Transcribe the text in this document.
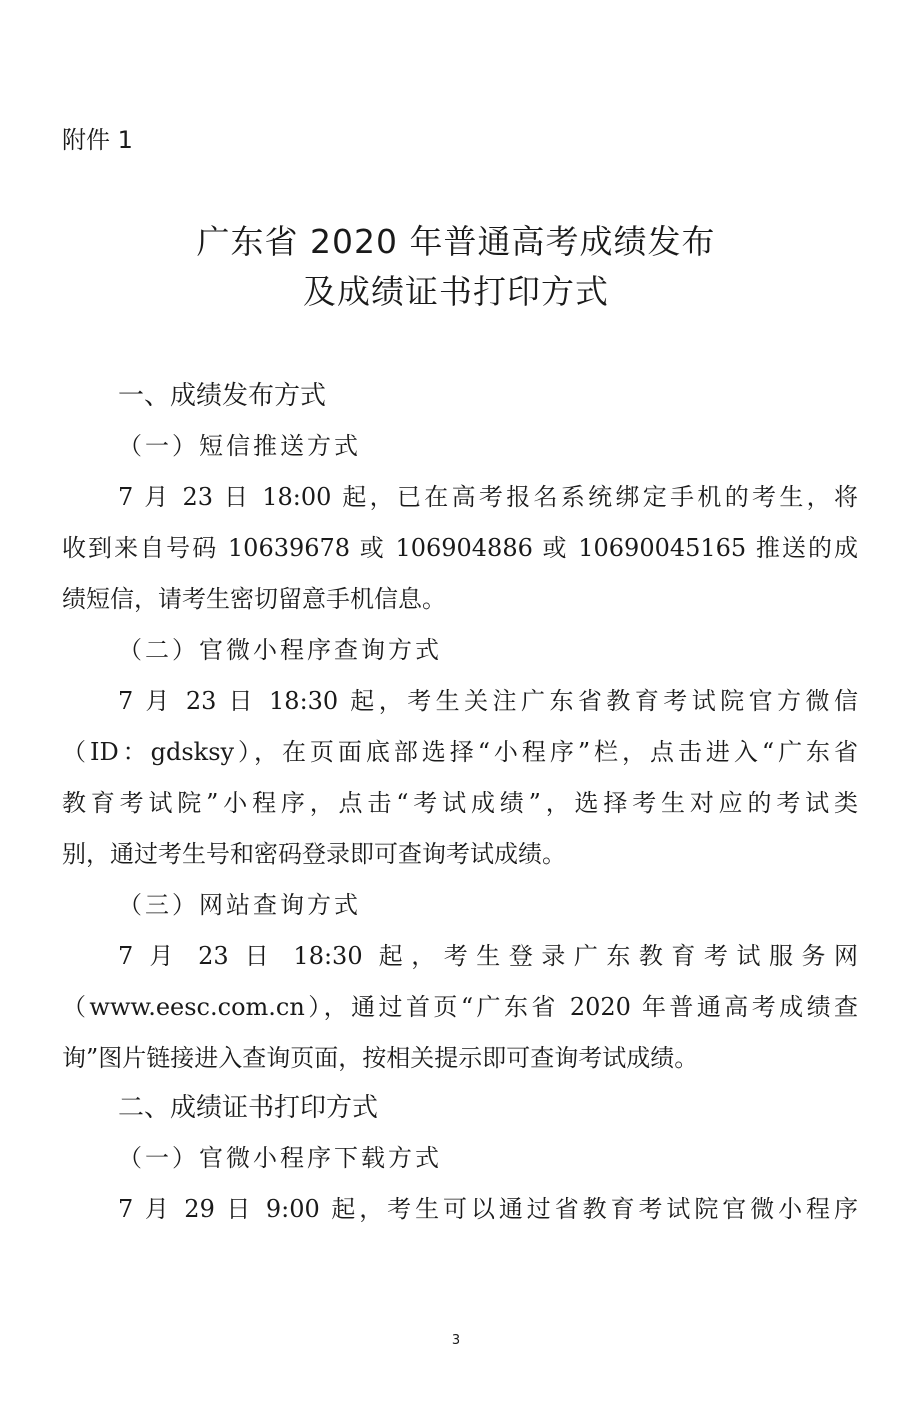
附件 1
广东省 2020 年普通高考成绩发布
及成绩证书打印方式
一、成绩发布方式
（一）短信推送方式
7 月 23 日 18:00 起，已在高考报名系统绑定手机的考生，将
收到来自号码 10639678 或 106904886 或 10690045165 推送的成
绩短信，请考生密切留意手机信息。
（二）官微小程序查询方式
7 月 23 日 18:30 起，考生关注广东省教育考试院官方微信
（ID：gdsksy），在页面底部选择“小程序”栏，点击进入“广东省
教育考试院”小程序，点击“考试成绩”，选择考生对应的考试类
别，通过考生号和密码登录即可查询考试成绩。
（三）网站查询方式
7 月 23 日 18:30 起，考生登录广东教育考试服务网
（www.eesc.com.cn），通过首页“广东省 2020 年普通高考成绩查
询”图片链接进入查询页面，按相关提示即可查询考试成绩。
二、成绩证书打印方式
（一）官微小程序下载方式
7 月 29 日 9:00 起，考生可以通过省教育考试院官微小程序
3
